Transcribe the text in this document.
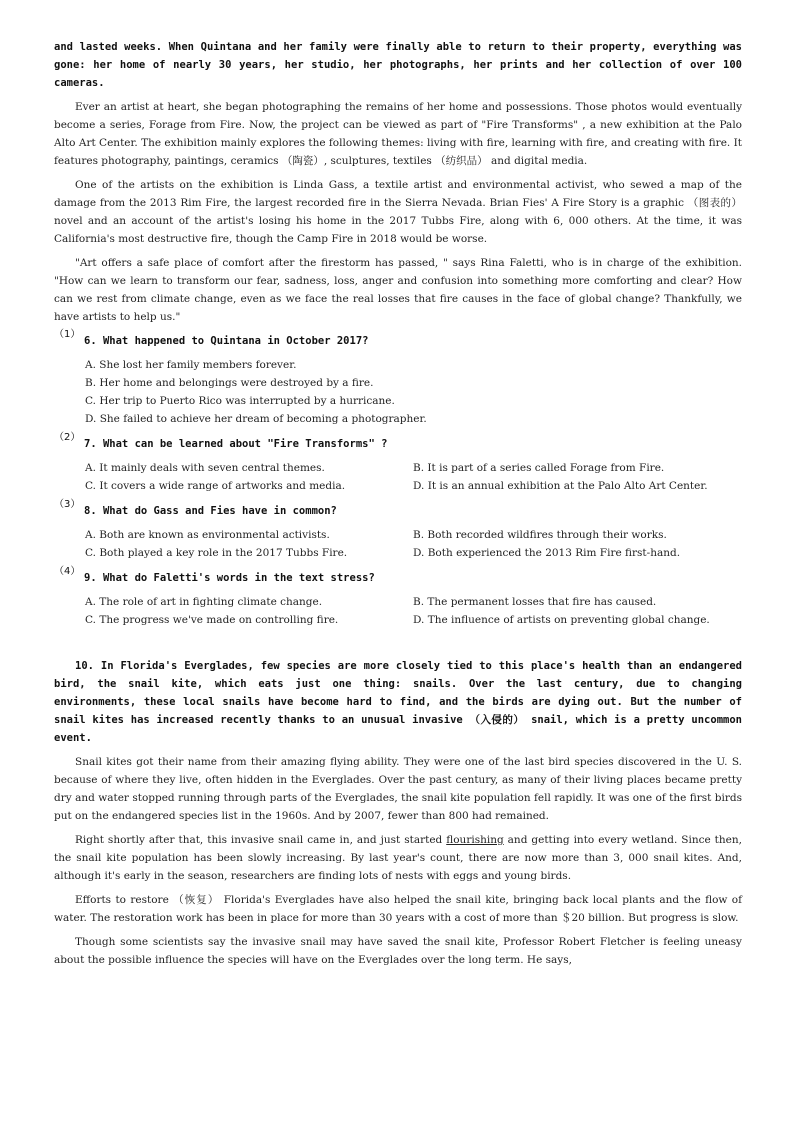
and lasted weeks. When Quintana and her family were finally able to return to their property, everything was gone: her home of nearly 30 years, her studio, her photographs, her prints and her collection of over 100 cameras.

Ever an artist at heart, she began photographing the remains of her home and possessions. Those photos would eventually become a series, Forage from Fire. Now, the project can be viewed as part of "Fire Transforms" , a new exhibition at the Palo Alto Art Center. The exhibition mainly explores the following themes: living with fire, learning with fire, and creating with fire. It features photography, paintings, ceramics （陶瓷）, sculptures, textiles （纺织品） and digital media.

One of the artists on the exhibition is Linda Gass, a textile artist and environmental activist, who sewed a map of the damage from the 2013 Rim Fire, the largest recorded fire in the Sierra Nevada. Brian Fies' A Fire Story is a graphic （图表的） novel and an account of the artist's losing his home in the 2017 Tubbs Fire, along with 6, 000 others. At the time, it was California's most destructive fire, though the Camp Fire in 2018 would be worse.

"Art offers a safe place of comfort after the firestorm has passed, " says Rina Faletti, who is in charge of the exhibition. "How can we learn to transform our fear, sadness, loss, anger and confusion into something more comforting and clear? How can we rest from climate change, even as we face the real losses that fire causes in the face of global change? Thankfully, we have artists to help us."

（1）
6. What happened to Quintana in October 2017?

A. She lost her family members forever.

B. Her home and belongings were destroyed by a fire.

C. Her trip to Puerto Rico was interrupted by a hurricane.

D. She failed to achieve her dream of becoming a photographer.

（2）
7. What can be learned about "Fire Transforms" ?

A. It mainly deals with seven central themes.	B. It is part of a series called Forage from Fire.

C. It covers a wide range of artworks and media.	D. It is an annual exhibition at the Palo Alto Art Center.

（3）
8. What do Gass and Fies have in common?

A. Both are known as environmental activists.	B. Both recorded wildfires through their works.

C. Both played a key role in the 2017 Tubbs Fire.	D. Both experienced the 2013 Rim Fire first-hand.

（4）
9. What do Faletti's words in the text stress?

A. The role of art in fighting climate change.	B. The permanent losses that fire has caused.

C. The progress we've made on controlling fire.	D. The influence of artists on preventing global change.

10. In Florida's Everglades, few species are more closely tied to this place's health than an endangered bird, the snail kite, which eats just one thing: snails. Over the last century, due to changing environments, these local snails have become hard to find, and the birds are dying out. But the number of snail kites has increased recently thanks to an unusual invasive （入侵的） snail, which is a pretty uncommon event.

Snail kites got their name from their amazing flying ability. They were one of the last bird species discovered in the U. S. because of where they live, often hidden in the Everglades. Over the past century, as many of their living places became pretty dry and water stopped running through parts of the Everglades, the snail kite population fell rapidly. It was one of the first birds put on the endangered species list in the 1960s. And by 2007, fewer than 800 had remained.

Right shortly after that, this invasive snail came in, and just started flourishing and getting into every wetland. Since then, the snail kite population has been slowly increasing. By last year's count, there are now more than 3, 000 snail kites. And, although it's early in the season, researchers are finding lots of nests with eggs and young birds.

Efforts to restore （恢复） Florida's Everglades have also helped the snail kite, bringing back local plants and the flow of water. The restoration work has been in place for more than 30 years with a cost of more than ＄20 billion. But progress is slow.

Though some scientists say the invasive snail may have saved the snail kite, Professor Robert Fletcher is feeling uneasy about the possible influence the species will have on the Everglades over the long term. He says,
